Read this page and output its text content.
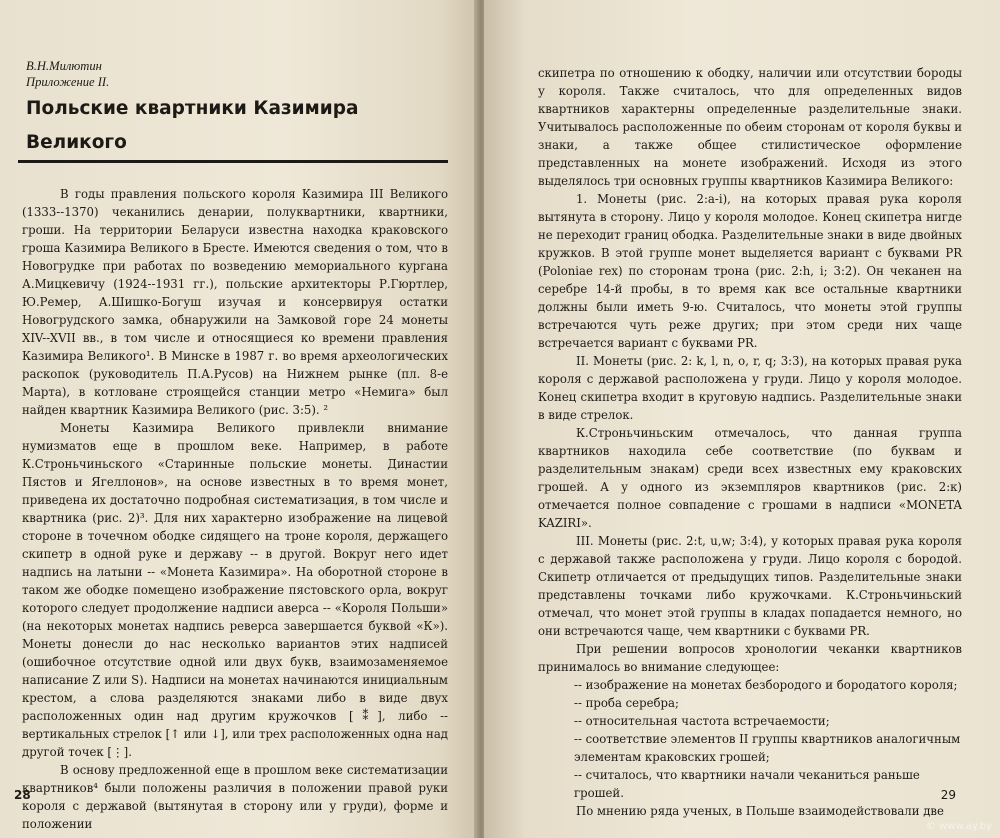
В.Н.Милютин
Приложение II.
Польские квартники Казимира Великого

В годы правления польского короля Казимира III Великого (1333--1370) чеканились денарии, полуквартники, квартники, гроши. На территории Беларуси известна находка краковского гроша Казимира Великого в Бресте. Имеются сведения о том, что в Новогрудке при работах по возведению мемориального кургана А.Мицкевичу (1924--1931 гг.), польские архитекторы Р.Гюртлер, Ю.Ремер, А.Шишко-Богуш изучая и консервируя остатки Новогрудского замка, обнаружили на Замковой горе 24 монеты XIV--XVII вв., в том числе и относящиеся ко времени правления Казимира Великого¹. В Минске в 1987 г. во время археологических раскопок (руководитель П.А.Русов) на Нижнем рынке (пл. 8-е Марта), в котловане строящейся станции метро «Немига» был найден квартник Казимира Великого (рис. 3:5). ²

Монеты Казимира Великого привлекли внимание нумизматов еще в прошлом веке. Например, в работе К.Строньчиньского «Старинные польские монеты. Династии Пястов и Ягеллонов», на основе известных в то время монет, приведена их достаточно подробная систематизация, в том числе и квартника (рис. 2)³. Для них характерно изображение на лицевой стороне в точечном ободке сидящего на троне короля, держащего скипетр в одной руке и державу -- в другой. Вокруг него идет надпись на латыни -- «Монета Казимира». На оборотной стороне в таком же ободке помещено изображение пястовского орла, вокруг которого следует продолжение надписи аверса -- «Короля Польши» (на некоторых монетах надпись реверса завершается буквой «К»). Монеты донесли до нас несколько вариантов этих надписей (ошибочное отсутствие одной или двух букв, взаимозаменяемое написание Z или S). Надписи на монетах начинаются инициальным крестом, а слова разделяются знаками либо в виде двух расположенных один над другим кружочков [⁑], либо -- вертикальных стрелок [↑ или ↓], или трех расположенных одна над другой точек [⋮].

В основу предложенной еще в прошлом веке систематизации квартников⁴ были положены различия в положении правой руки короля с державой (вытянутая в сторону или у груди), форме и положении

28

скипетра по отношению к ободку, наличии или отсутствии бороды у короля. Также считалось, что для определенных видов квартников характерны определенные разделительные знаки. Учитывалось расположенные по обеим сторонам от короля буквы и знаки, а также общее стилистическое оформление представленных на монете изображений. Исходя из этого выделялось три основных группы квартников Казимира Великого:

1. Монеты (рис. 2:a-i), на которых правая рука короля вытянута в сторону. Лицо у короля молодое. Конец скипетра нигде не переходит границ ободка. Разделительные знаки в виде двойных кружков. В этой группе монет выделяется вариант с буквами PR (Poloniae rex) по сторонам трона (рис. 2:h, i; 3:2). Он чеканен на серебре 14-й пробы, в то время как все остальные квартники должны были иметь 9-ю. Считалось, что монеты этой группы встречаются чуть реже других; при этом среди них чаще встречается вариант с буквами PR.

II. Монеты (рис. 2: k, l, n, o, r, q; 3:3), на которых правая рука короля с державой расположена у груди. Лицо у короля молодое. Конец скипетра входит в круговую надпись. Разделительные знаки в виде стрелок.

К.Строньчиньским отмечалось, что данная группа квартников находила себе соответствие (по буквам и разделительным знакам) среди всех известных ему краковских грошей. А у одного из экземпляров квартников (рис. 2:к) отмечается полное совпадение с грошами в надписи «MONETA KAZIRI».

III. Монеты (рис. 2:t, u,w; 3:4), у которых правая рука короля с державой также расположена у груди. Лицо короля с бородой. Скипетр отличается от предыдущих типов. Разделительные знаки представлены точками либо кружочками. К.Строньчиньский отмечал, что монет этой группы в кладах попадается немного, но они встречаются чаще, чем квартники с буквами PR.

При решении вопросов хронологии чеканки квартников принималось во внимание следующее:

-- изображение на монетах безбородого и бородатого короля;
-- проба серебра;
-- относительная частота встречаемости;
-- соответствие элементов II группы квартников аналогичным элементам краковских грошей;
-- считалось, что квартники начали чеканиться раньше грошей.

По мнению ряда ученых, в Польше взаимодействовали две

29
© www.ay.by
